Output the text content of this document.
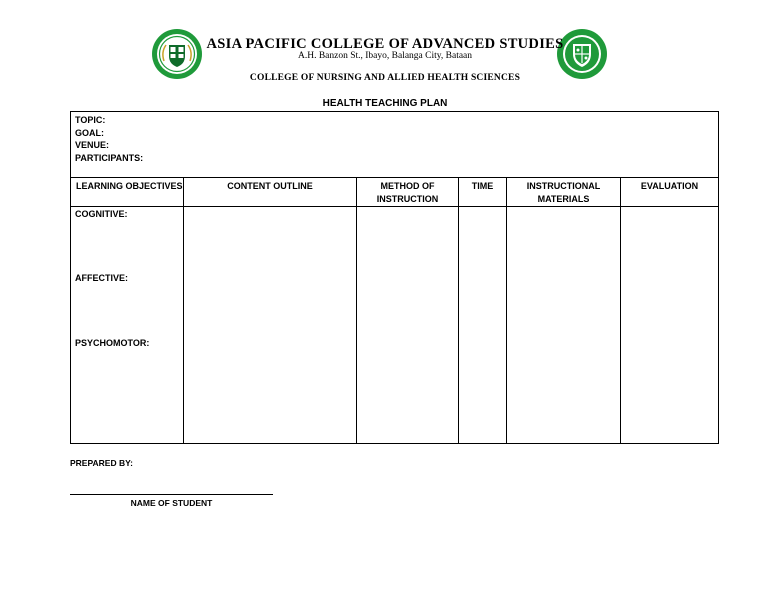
ASIA PACIFIC COLLEGE OF ADVANCED STUDIES
A.H. Banzon St., Ibayo, Balanga City, Bataan
COLLEGE OF NURSING AND ALLIED HEALTH SCIENCES
HEALTH TEACHING PLAN
TOPIC:
GOAL:
VENUE:
PARTICIPANTS:					

LEARNING OBJECTIVES	CONTENT OUTLINE	METHOD OF INSTRUCTION	TIME	INSTRUCTIONAL MATERIALS	EVALUATION

COGNITIVE:
AFFECTIVE:
PSYCHOMOTOR:					

PREPARED BY:
NAME OF STUDENT
